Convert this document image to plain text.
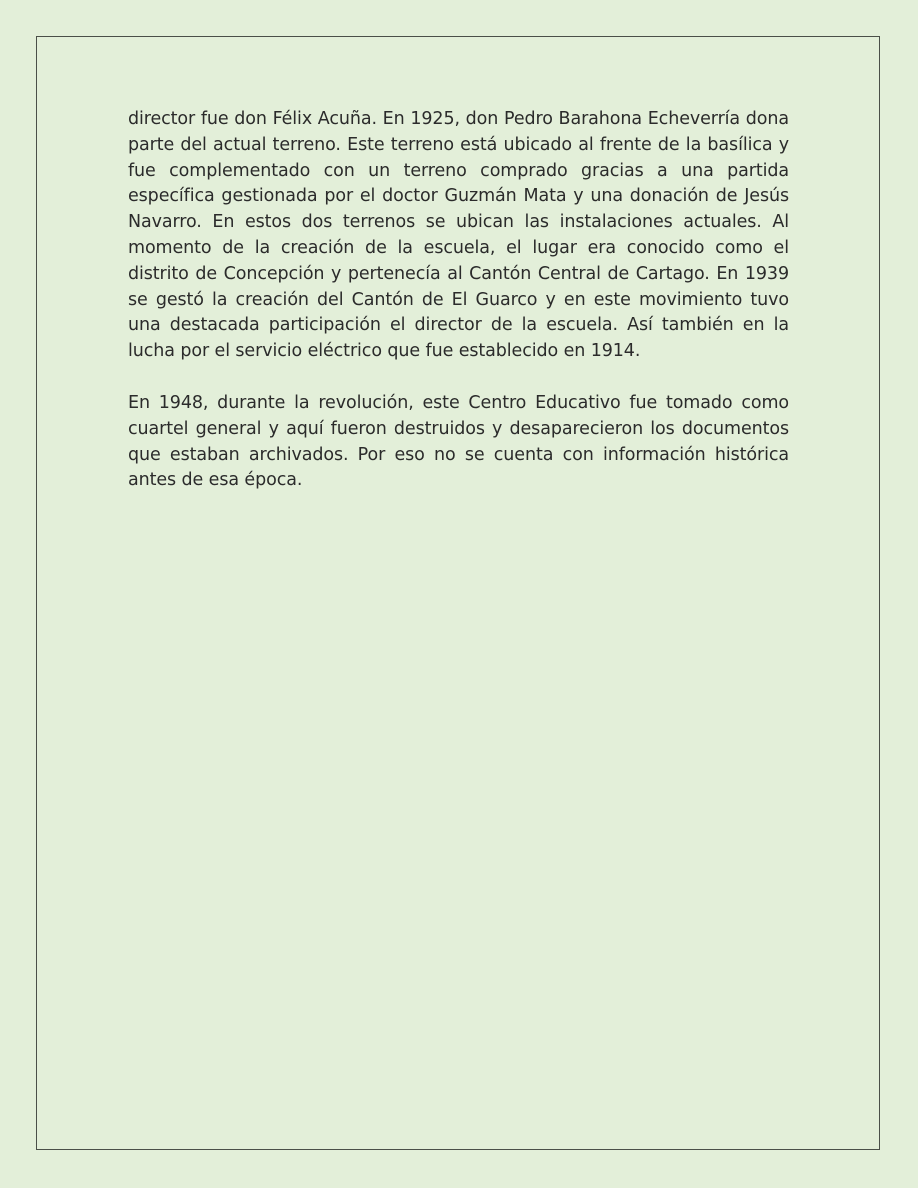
director fue don Félix Acuña. En 1925, don Pedro Barahona Echeverría dona parte del actual terreno. Este terreno está ubicado al frente de la basílica y fue complementado con un terreno comprado gracias a una partida específica gestionada por el doctor Guzmán Mata y una donación de Jesús Navarro. En estos dos terrenos se ubican las instalaciones actuales. Al momento de la creación de la escuela, el lugar era conocido como el distrito de Concepción y pertenecía al Cantón Central de Cartago. En 1939 se gestó la creación del Cantón de El Guarco y en este movimiento tuvo una destacada participación el director de la escuela. Así también en la lucha por el servicio eléctrico que fue establecido en 1914.

En 1948, durante la revolución, este Centro Educativo fue tomado como cuartel general y aquí fueron destruidos y desaparecieron los documentos que estaban archivados. Por eso no se cuenta con información histórica antes de esa época.
